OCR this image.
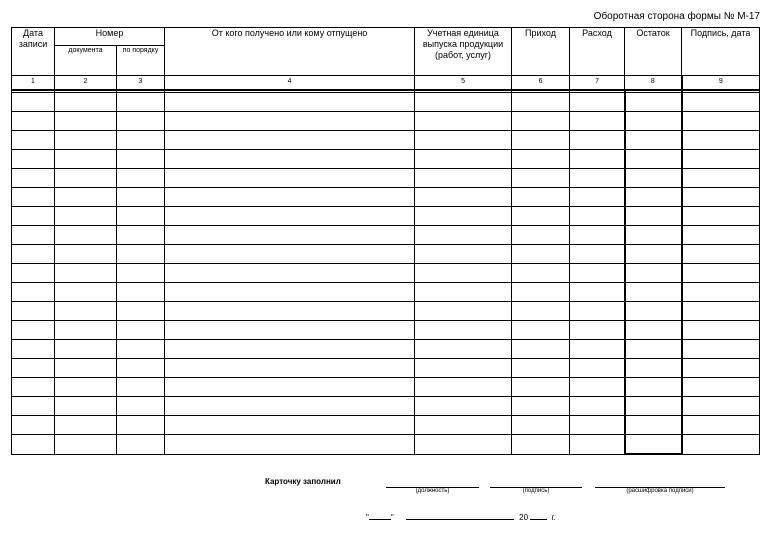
Оборотная сторона формы № М-17
Дата записи	Номер		От кого получено или кому отпущено	Учетная единица выпуска продукции (работ, услуг)	Приход	Расход	Остаток	Подпись, дата
	документа	по порядку						
1	2	3	4	5	6	7	8	9

Карточку заполнил
(должность)	(подпись)	(расшифровка подписи)
"	"	20	г.
